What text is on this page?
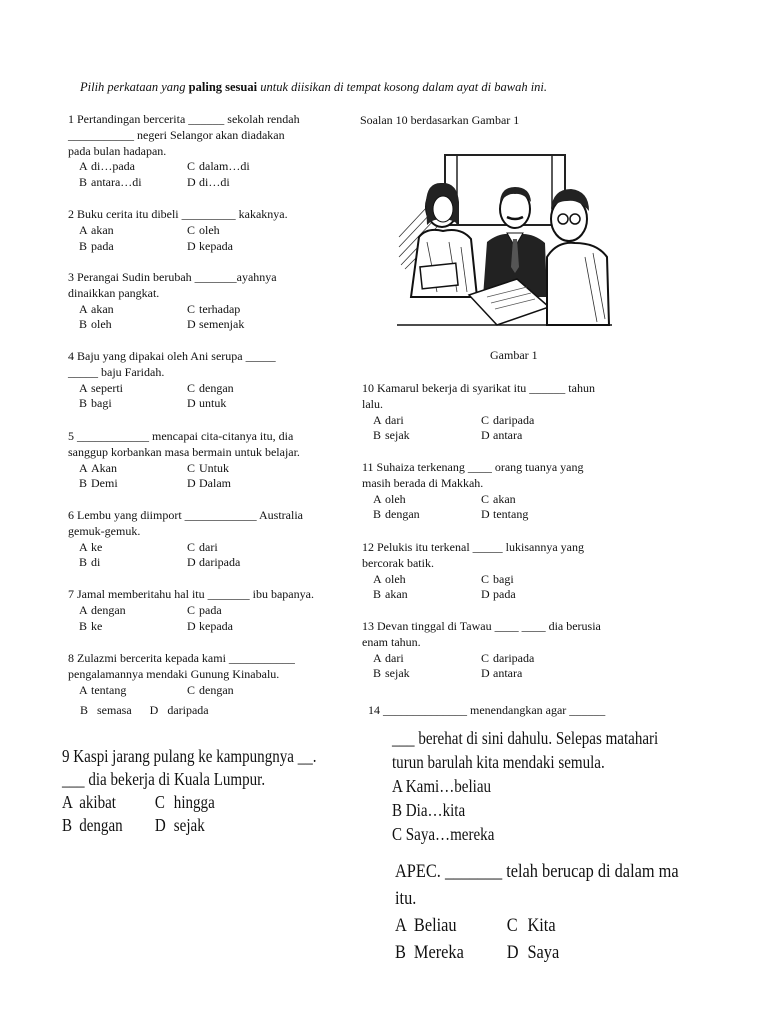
Pilih perkataan yang paling sesuai untuk diisikan di tempat kosong dalam ayat di bawah ini.
1 Pertandingan bercerita ______ sekolah rendah
___________ negeri Selangor akan diadakan
pada bulan hadapan.
A di…pada	C dalam…di
B antara…di	D di…di
2 Buku cerita itu dibeli _________ kakaknya.
A akan	C oleh
B pada	D kepada
3 Perangai Sudin berubah _______ayahnya
dinaikkan pangkat.
A akan	C terhadap
B oleh	D semenjak
4 Baju yang dipakai oleh Ani serupa _____
_____ baju Faridah.
A seperti	C dengan
B bagi	D untuk
5 ____________ mencapai cita-citanya itu, dia
sanggup korbankan masa bermain untuk belajar.
A Akan	C Untuk
B Demi	D Dalam
6 Lembu yang diimport ____________ Australia
gemuk-gemuk.
A ke	C dari
B di	D daripada
7 Jamal memberitahu hal itu _______ ibu bapanya.
A dengan	C pada
B ke	D kepada
8 Zulazmi bercerita kepada kami ___________
pengalamannya mendaki Gunung Kinabalu.
A tentang	C dengan
Soalan 10 berdasarkan Gambar 1
Gambar 1
10 Kamarul bekerja di syarikat itu ______ tahun
lalu.
A dari	C daripada
B sejak	D antara
11 Suhaiza terkenang ____ orang tuanya yang
masih berada di Makkah.
A oleh	C akan
B dengan	D tentang
12 Pelukis itu terkenal _____ lukisannya yang
bercorak batik.
A oleh	C bagi
B akan	D pada
13 Devan tinggal di Tawau ____ ____ dia berusia
enam tahun.
A dari	C daripada
B sejak	D antara
B   semasa      D   daripada	14 ______________ menendangkan agar ______
9 Kaspi jarang pulang ke kampungnya __.
___ dia bekerja di Kuala Lumpur.
A akibat	C hingga
B dengan	D sejak
___ berehat di sini dahulu. Selepas matahari
turun barulah kita mendaki semula.
A Kami…beliau
B Dia…kita
C Saya…mereka
APEC. _______ telah berucap di dalam ma
itu.
A Beliau	C Kita
B Mereka	D Saya
